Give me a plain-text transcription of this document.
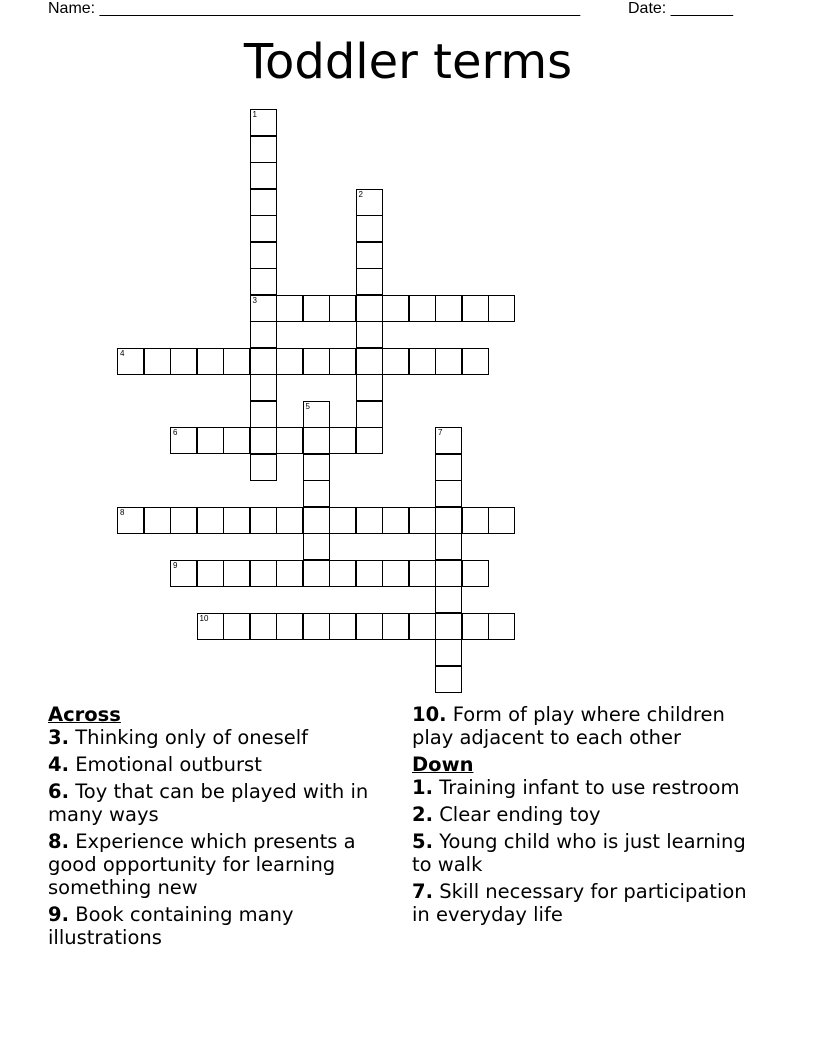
Name: ______________________________________________________	Date: _______
Toddler terms
1
3
2
4
5
6	7
8
9
10

Across

3. Thinking only of oneself

4. Emotional outburst

6. Toy that can be played with in many ways

8. Experience which presents a good opportunity for learning something new

9. Book containing many illustrations

10. Form of play where children play adjacent to each other

Down

1. Training infant to use restroom

2. Clear ending toy

5. Young child who is just learning to walk

7. Skill necessary for participation in everyday life
